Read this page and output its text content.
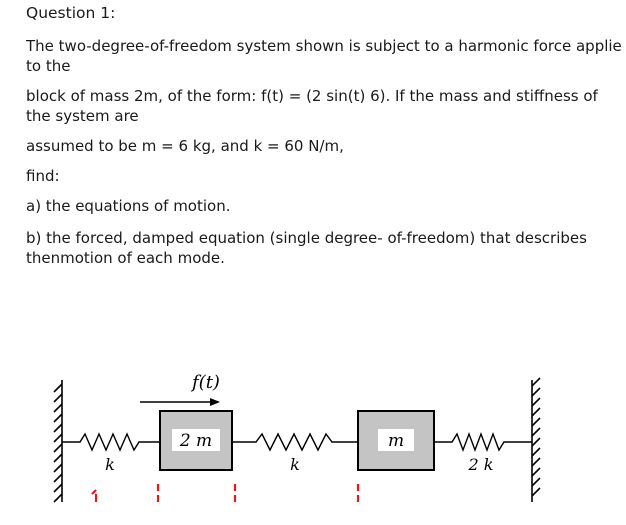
Question 1:
The two-degree-of-freedom system shown is subject to a harmonic force applie to the
block of mass 2m, of the form: f(t) = (2 sin(t) 6). If the mass and stiffness of the system are
assumed to be m = 6 kg, and k = 60 N/m,
find:
a) the equations of motion.
b) the forced, damped equation (single degree- of-freedom) that describes thenmotion of each mode.
k
2 m
f(t)
k
m
2 k
